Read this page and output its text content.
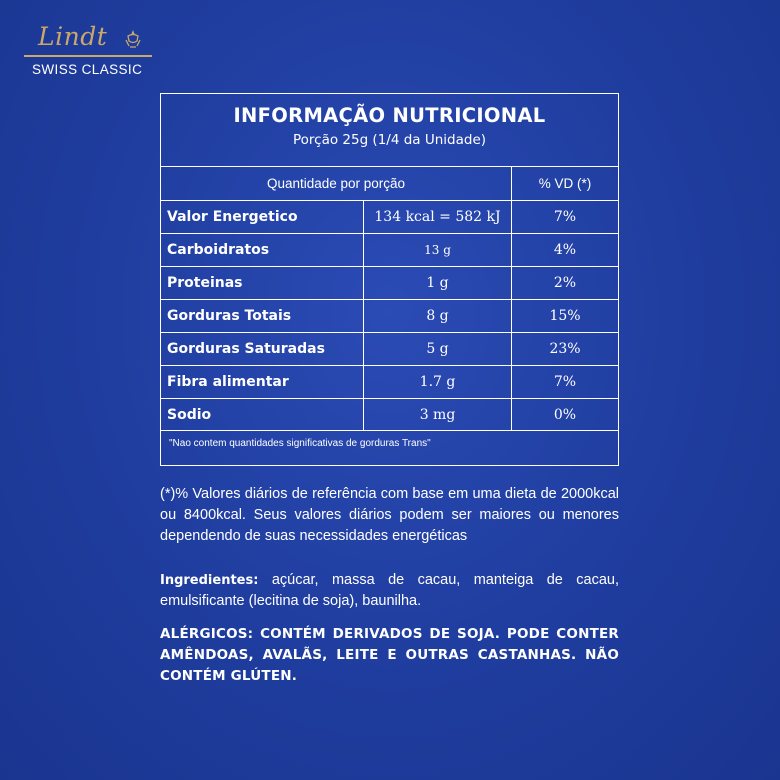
Lindt
SWISS CLASSIC
INFORMAÇÃO NUTRICIONAL
Porção 25g (1/4 da Unidade)
Quantidade por porção	% VD (*)
Valor Energetico	134 kcal = 582 kJ	7%
Carboidratos	13 g	4%
Proteinas	1 g	2%
Gorduras Totais	8 g	15%
Gorduras Saturadas	5 g	23%
Fibra alimentar	1.7 g	7%
Sodio	3 mg	0%
"Nao contem quantidades significativas de gorduras Trans"
(*)% Valores diários de referência com base em uma dieta de 2000kcal ou 8400kcal. Seus valores diários podem ser maiores ou menores dependendo de suas necessidades energéticas
Ingredientes: açúcar, massa de cacau, manteiga de cacau, emulsificante (lecitina de soja), baunilha.
ALÉRGICOS: CONTÉM DERIVADOS DE SOJA. PODE CONTER AMÊNDOAS, AVALÃS, LEITE E OUTRAS CASTANHAS. NÃO CONTÉM GLÚTEN.
